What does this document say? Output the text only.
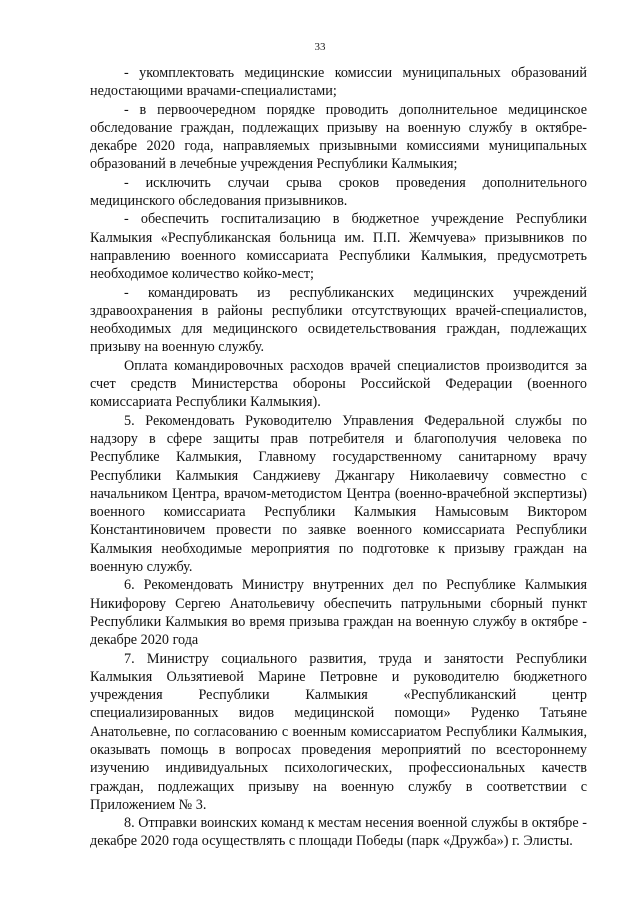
33

- укомплектовать медицинские комиссии муниципальных образований недостающими врачами-специалистами;

- в первоочередном порядке проводить дополнительное медицинское обследование граждан, подлежащих призыву на военную службу в октябре-декабре 2020 года, направляемых призывными комиссиями муниципальных образований в лечебные учреждения Республики Калмыкия;

- исключить случаи срыва сроков проведения дополнительного медицинского обследования призывников.

- обеспечить госпитализацию в бюджетное учреждение Республики Калмыкия «Республиканская больница им. П.П. Жемчуева» призывников по направлению военного комиссариата Республики Калмыкия, предусмотреть необходимое количество койко-мест;

- командировать из республиканских медицинских учреждений здравоохранения в районы республики отсутствующих врачей-специалистов, необходимых для медицинского освидетельствования граждан, подлежащих призыву на военную службу.

Оплата командировочных расходов врачей специалистов производится за счет средств Министерства обороны Российской Федерации (военного комиссариата Республики Калмыкия).

5. Рекомендовать Руководителю Управления Федеральной службы по надзору в сфере защиты прав потребителя и благополучия человека по Республике Калмыкия, Главному государственному санитарному врачу Республики Калмыкия Санджиеву Джангару Николаевичу совместно с начальником Центра, врачом-методистом Центра (военно-врачебной экспертизы) военного комиссариата Республики Калмыкия Намысовым Виктором Константиновичем провести по заявке военного комиссариата Республики Калмыкия необходимые мероприятия по подготовке к призыву граждан на военную службу.

6. Рекомендовать Министру внутренних дел по Республике Калмыкия Никифорову Сергею Анатольевичу обеспечить патрульными сборный пункт Республики Калмыкия во время призыва граждан на военную службу в октябре - декабре 2020 года

7. Министру социального развития, труда и занятости Республики Калмыкия Ользятиевой Марине Петровне и руководителю бюджетного учреждения Республики Калмыкия «Республиканский центр специализированных видов медицинской помощи» Руденко Татьяне Анатольевне, по согласованию с военным комиссариатом Республики Калмыкия, оказывать помощь в вопросах проведения мероприятий по всестороннему изучению индивидуальных психологических, профессиональных качеств граждан, подлежащих призыву на военную службу в соответствии с Приложением № 3.

8. Отправки воинских команд к местам несения военной службы в октябре - декабре 2020 года осуществлять с площади Победы (парк «Дружба») г. Элисты.
